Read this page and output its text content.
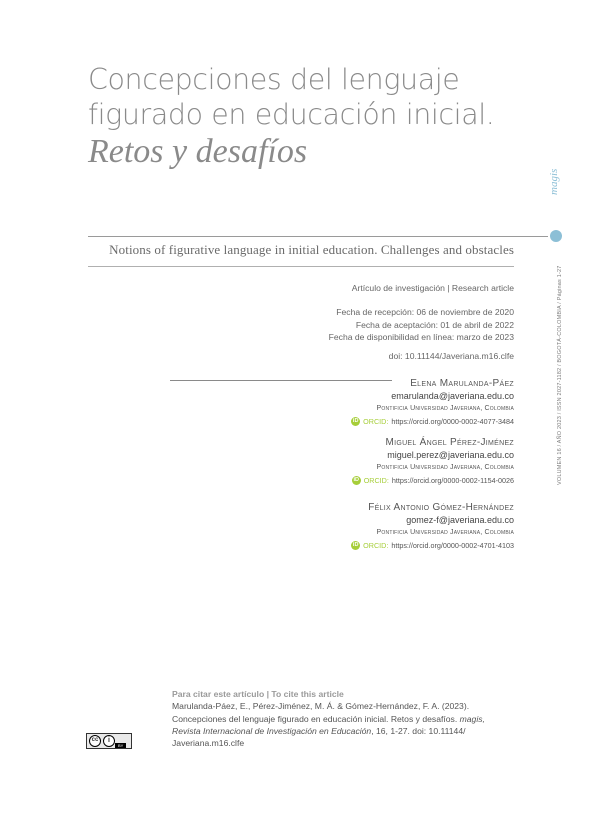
Concepciones del lenguaje

figurado en educación inicial.

Retos y desafíos

magis
VOLUMEN 16 / AÑO 2023 / ISSN 2027-1182 / BOGOTÁ-COLOMBIA / Páginas 1-27
Notions of figurative language in initial education. Challenges and obstacles
Artículo de investigación | Research article
Fecha de recepción: 06 de noviembre de 2020
Fecha de aceptación: 01 de abril de 2022
Fecha de disponibilidad en línea: marzo de 2023
doi: 10.11144/Javeriana.m16.clfe
Elena Marulanda-Páez
emarulanda@javeriana.edu.co
Pontificia Universidad Javeriana, Colombia
iD ORCID: https://orcid.org/0000-0002-4077-3484
Miguel Ángel Pérez-Jiménez
miguel.perez@javeriana.edu.co
Pontificia Universidad Javeriana, Colombia
iD ORCID: https://orcid.org/0000-0002-1154-0026
Félix Antonio Gómez-Hernández
gomez-f@javeriana.edu.co
Pontificia Universidad Javeriana, Colombia
iD ORCID: https://orcid.org/0000-0002-4701-4103
cc	i
BY
Para citar este artículo | To cite this article
Marulanda-Páez, E., Pérez-Jiménez, M. Á. & Gómez-Hernández, F. A. (2023).
Concepciones del lenguaje figurado en educación inicial. Retos y desafíos. magis,
Revista Internacional de Investigación en Educación, 16, 1-27. doi: 10.11144/
Javeriana.m16.clfe
